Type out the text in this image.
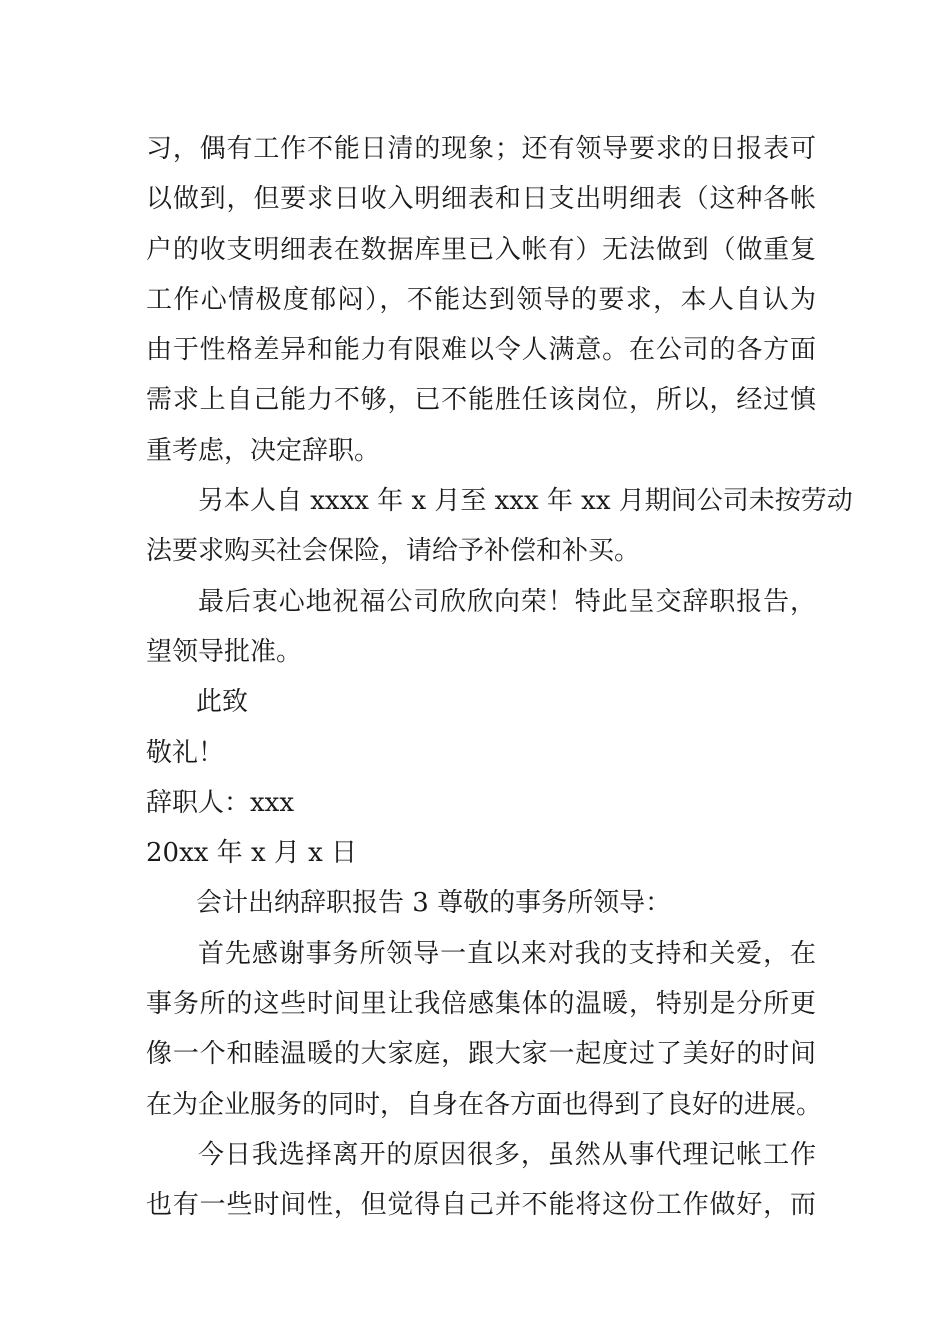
习，偶有工作不能日清的现象；还有领导要求的日报表可
以做到，但要求日收入明细表和日支出明细表（这种各帐
户的收支明细表在数据库里已入帐有）无法做到（做重复
工作心情极度郁闷），不能达到领导的要求，本人自认为
由于性格差异和能力有限难以令人满意。在公司的各方面
需求上自己能力不够，已不能胜任该岗位，所以，经过慎
重考虑，决定辞职。
另本人自 xxxx 年 x 月至 xxx 年 xx 月期间公司未按劳动
法要求购买社会保险，请给予补偿和补买。
最后衷心地祝福公司欣欣向荣！特此呈交辞职报告，
望领导批准。
此致
敬礼！
辞职人：xxx
20xx 年 x 月 x 日
会计出纳辞职报告 3 尊敬的事务所领导：
首先感谢事务所领导一直以来对我的支持和关爱，在
事务所的这些时间里让我倍感集体的温暖，特别是分所更
像一个和睦温暖的大家庭，跟大家一起度过了美好的时间
在为企业服务的同时，自身在各方面也得到了良好的进展。
今日我选择离开的原因很多，虽然从事代理记帐工作
也有一些时间性，但觉得自己并不能将这份工作做好，而
